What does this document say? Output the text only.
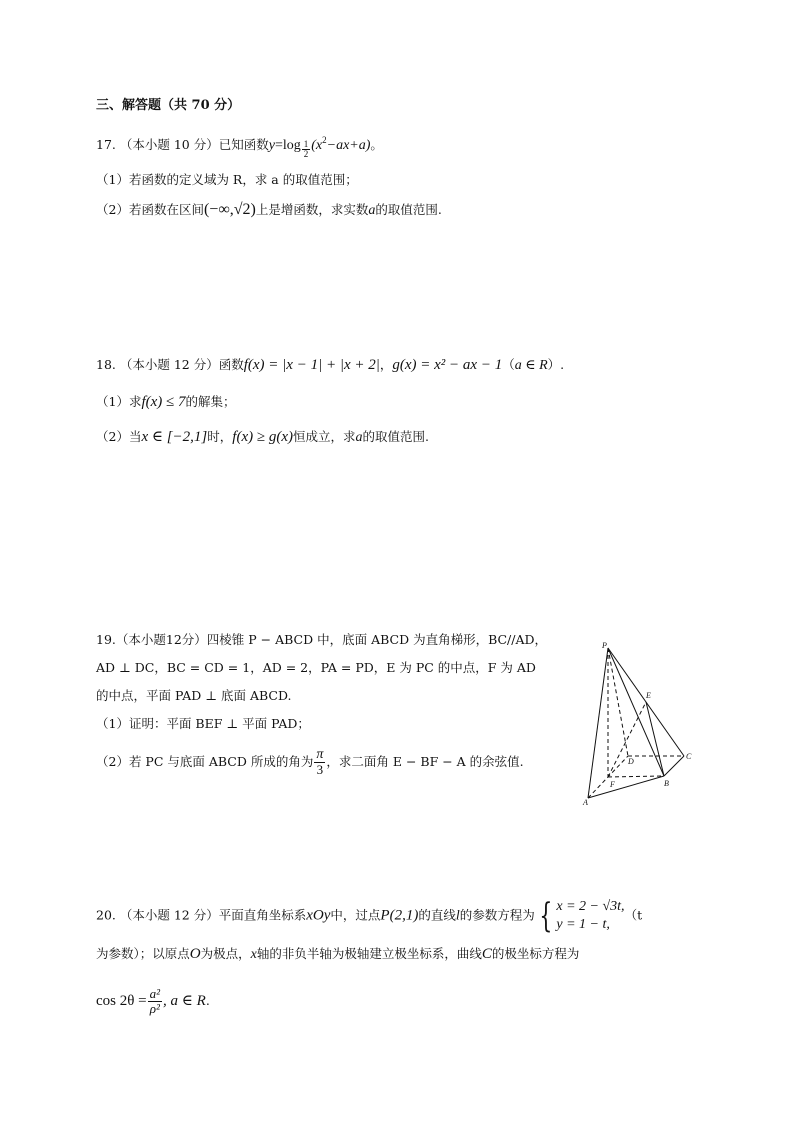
三、解答题（共 70 分）
17. （本小题 10 分）已知函数$y=\log \frac{1}{2} (x^2-ax+a)$。
（1）若函数的定义域为 R，求 a 的取值范围；
（2）若函数在区间(−∞,√2)上是增函数，求实数a的取值范围.
18. （本小题 12 分）函数f(x) = |x − 1| + |x + 2|，g(x) = x² − ax − 1（a ∈ R）.
（1）求f(x) ≤ 7的解集；
（2）当x ∈ [−2,1]时，f(x) ≥ g(x)恒成立，求a的取值范围.
19.（本小题12分）四棱锥 P − ABCD 中，底面 ABCD 为直角梯形，BC//AD，
AD ⊥ DC，BC = CD = 1，AD = 2，PA = PD，E 为 PC 的中点，F 为 AD
的中点，平面 PAD ⊥ 底面 ABCD.
（1）证明：平面 BEF ⊥ 平面 PAD；
（2）若 PC 与底面 ABCD 所成的角为 $\frac{\pi}{3}$ ，求二面角 E − BF − A 的余弦值.
P
E
C
D
F	B
A
20. （本小题 12 分）平面直角坐标系xOy中，过点P(2,1)的直线l的参数方程为 { x = 2 − √3t,
y = 1 − t,
（t
为参数）；以原点O为极点，x轴的非负半轴为极轴建立极坐标系，曲线C的极坐标方程为
$\cos 2\theta = \frac{\text{a²}}{\text{ρ²}}$ , a ∈ R.
